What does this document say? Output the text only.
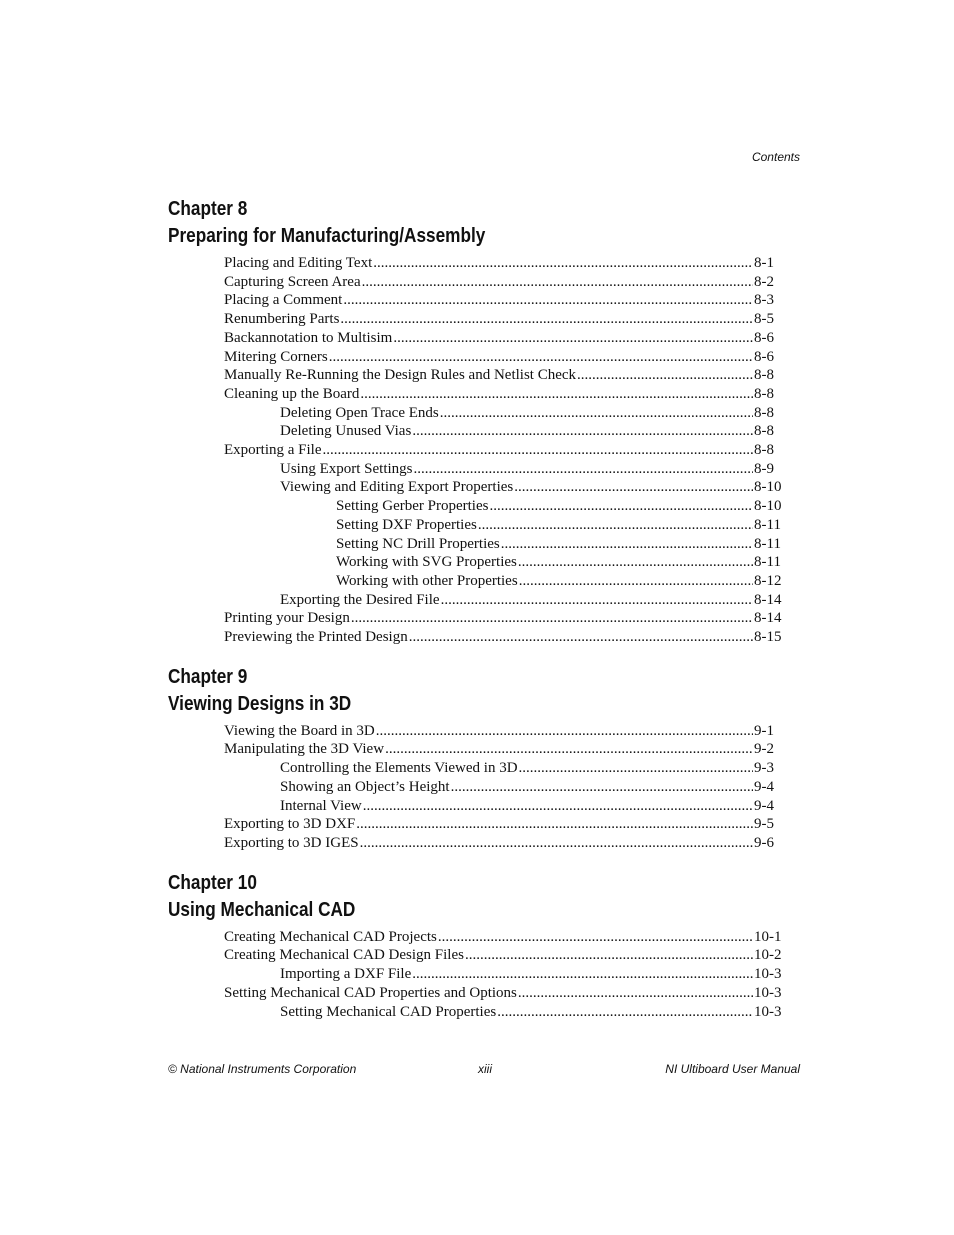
Contents
Chapter 8
Preparing for Manufacturing/Assembly
Placing and Editing Text .....	8-1
Capturing Screen Area .....	8-2
Placing a Comment .....	8-3
Renumbering Parts .....	8-5
Backannotation to Multisim .....	8-6
Mitering Corners .....	8-6
Manually Re-Running the Design Rules and Netlist Check .....	8-8
Cleaning up the Board .....	8-8
Deleting Open Trace Ends .....	8-8
Deleting Unused Vias .....	8-8
Exporting a File .....	8-8
Using Export Settings .....	8-9
Viewing and Editing Export Properties .....	8-10
Setting Gerber Properties .....	8-10
Setting DXF Properties .....	8-11
Setting NC Drill Properties .....	8-11
Working with SVG Properties .....	8-11
Working with other Properties .....	8-12
Exporting the Desired File .....	8-14
Printing your Design .....	8-14
Previewing the Printed Design .....	8-15
Chapter 9
Viewing Designs in 3D
Viewing the Board in 3D .....	9-1
Manipulating the 3D View .....	9-2
Controlling the Elements Viewed in 3D .....	9-3
Showing an Object’s Height .....	9-4
Internal View .....	9-4
Exporting to 3D DXF .....	9-5
Exporting to 3D IGES .....	9-6
Chapter 10
Using Mechanical CAD
Creating Mechanical CAD Projects .....	10-1
Creating Mechanical CAD Design Files .....	10-2
Importing a DXF File .....	10-3
Setting Mechanical CAD Properties and Options .....	10-3
Setting Mechanical CAD Properties .....	10-3
© National Instruments Corporation	xiii	NI Ultiboard User Manual
